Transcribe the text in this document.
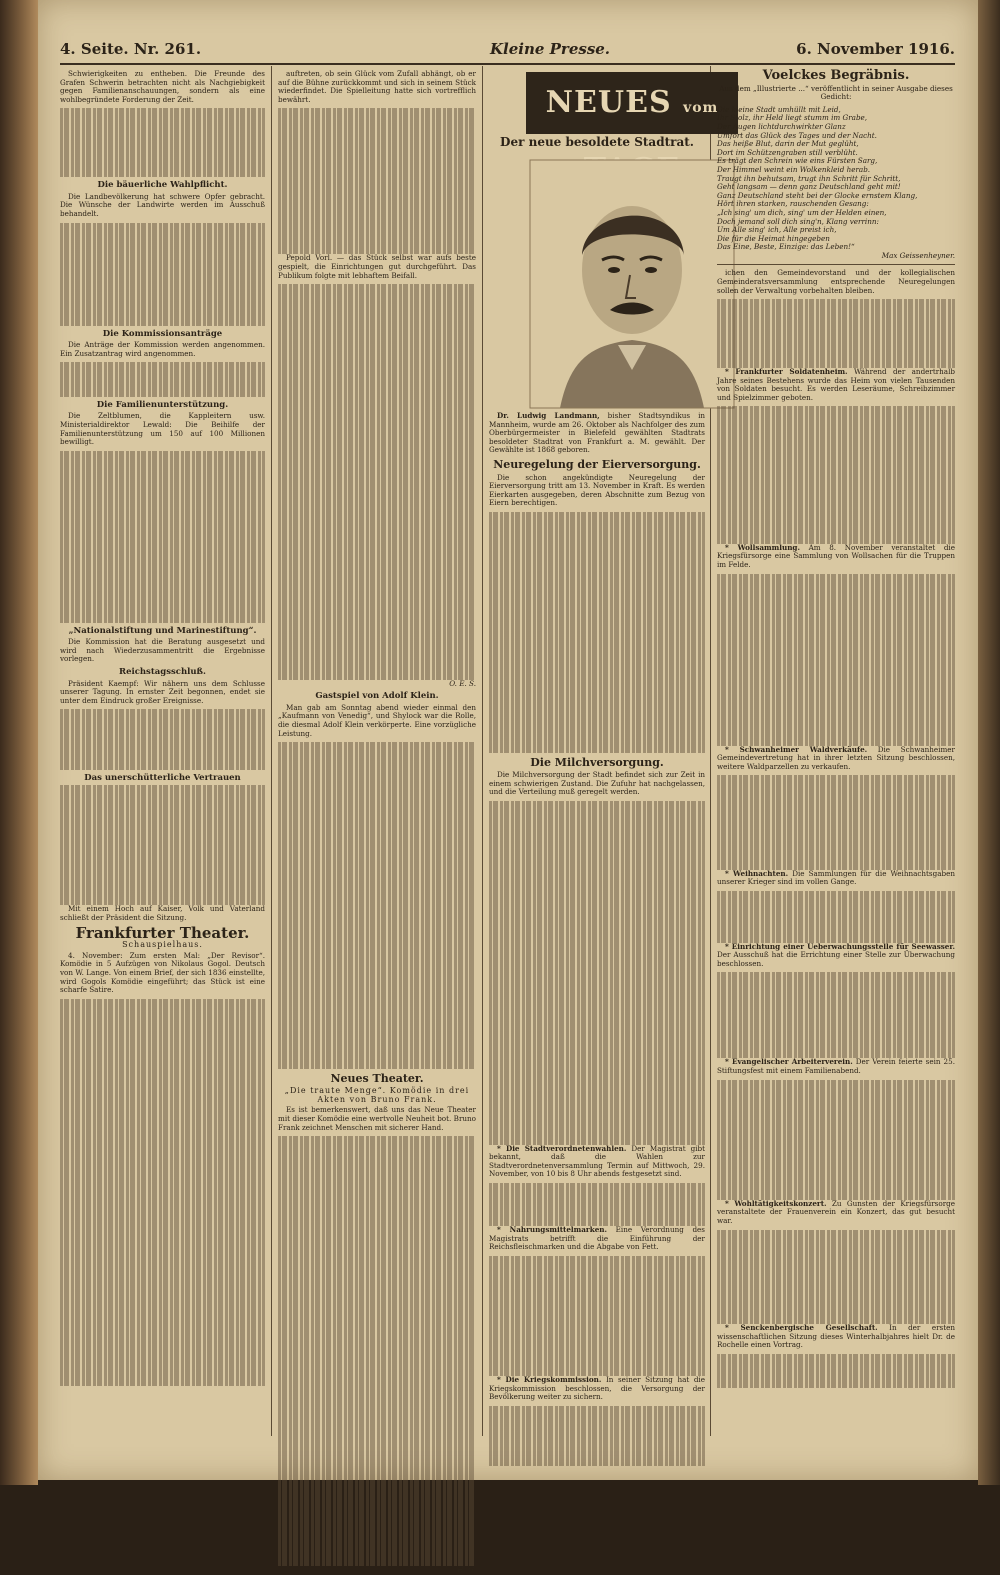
4. Seite. Nr. 261.	Kleine Presse.	6. November 1916.

Schwierigkeiten zu entheben. Die Freunde des Grafen Schwerin betrachten nicht als Nachgiebigkeit gegen Familienanschauungen, sondern als eine wohlbegründete Forderung der Zeit.

Die bäuerliche Wahlpflicht.

Die Landbevölkerung hat schwere Opfer gebracht. Die Wünsche der Landwirte werden im Ausschuß behandelt.

Die Kommissionsanträge

Die Anträge der Kommission werden angenommen. Ein Zusatzantrag wird angenommen.

Die Familienunterstützung.

Die Zeltblumen, die Kappleitern usw. Ministerialdirektor Lewald: Die Beihilfe der Familienunterstützung um 150 auf 100 Millionen bewilligt.

„Nationalstiftung und Marinestiftung“.

Die Kommission hat die Beratung ausgesetzt und wird nach Wiederzusammentritt die Ergebnisse vorlegen.

Reichstagsschluß.

Präsident Kaempf: Wir nähern uns dem Schlusse unserer Tagung. In ernster Zeit begonnen, endet sie unter dem Eindruck großer Ereignisse.

Das unerschütterliche Vertrauen

Mit einem Hoch auf Kaiser, Volk und Vaterland schließt der Präsident die Sitzung.

Frankfurter Theater.
Schauspielhaus.

4. November: Zum ersten Mal: „Der Revisor“. Komödie in 5 Aufzügen von Nikolaus Gogol. Deutsch von W. Lange. Von einem Brief, der sich 1836 einstellte, wird Gogols Komödie eingeführt; das Stück ist eine scharfe Satire.

auftreten, ob sein Glück vom Zufall abhängt, ob er auf die Bühne zurückkommt und sich in seinem Stück wiederfindet. Die Spielleitung hatte sich vortrefflich bewährt.

Pepold Vorl. — das Stück selbst war aufs beste gespielt, die Einrichtungen gut durchgeführt. Das Publikum folgte mit lebhaftem Beifall.

O. E. S.

Gastspiel von Adolf Klein.

Man gab am Sonntag abend wieder einmal den „Kaufmann von Venedig“, und Shylock war die Rolle, die diesmal Adolf Klein verkörperte. Eine vorzügliche Leistung.

Neues Theater.
„Die traute Menge“. Komödie in drei Akten von Bruno Frank.

Es ist bemerkenswert, daß uns das Neue Theater mit dieser Komödie eine wertvolle Neuheit bot. Bruno Frank zeichnet Menschen mit sicherer Hand.

H. G.

NEUES vom
Der neue besoldete Stadtrat.

Dr. Ludwig Landmann, bisher Stadtsyndikus in Mannheim, wurde am 26. Oktober als Nachfolger des zum Oberbürgermeister in Bielefeld gewählten Stadtrats besoldeter Stadtrat von Frankfurt a. M. gewählt. Der Gewählte ist 1868 geboren.

Neuregelung der Eierversorgung.

Die schon angekündigte Neuregelung der Eierversorgung tritt am 13. November in Kraft. Es werden Eierkarten ausgegeben, deren Abschnitte zum Bezug von Eiern berechtigen.

Die Milchversorgung.

Die Milchversorgung der Stadt befindet sich zur Zeit in einem schwierigen Zustand. Die Zufuhr hat nachgelassen, und die Verteilung muß geregelt werden.

* Die Stadtverordnetenwahlen. Der Magistrat gibt bekannt, daß die Wahlen zur Stadtverordnetenversammlung Termin auf Mittwoch, 29. November, von 10 bis 8 Uhr abends festgesetzt sind.

* Nahrungsmittelmarken. Eine Verordnung des Magistrats betrifft die Einführung der Reichsfleischmarken und die Abgabe von Fett.

* Die Kriegskommission. In seiner Sitzung hat die Kriegskommission beschlossen, die Versorgung der Bevölkerung weiter zu sichern.

Voelckes Begräbnis.

Aus dem „Illustrierte ...“ veröffentlicht in seiner Ausgabe dieses Gedicht:

Die kleine Stadt umhüllt mit Leid,
Ihr Stolz, ihr Held liegt stumm im Grabe,
Der Augen lichtdurchwirkter Glanz
Umfort das Glück des Tages und der Nacht.
Das heiße Blut, darin der Mut geglüht,
Dort im Schützengraben still verblüht.
Es trägt den Schrein wie eins Fürsten Sarg,
Der Himmel weint ein Wolkenkleid herab.
Traugt ihn behutsam, trugt ihn Schritt für Schritt,
Geht langsam — denn ganz Deutschland geht mit!
Ganz Deutschland steht bei der Glocke ernstem Klang,
Hört ihren starken, rauschenden Gesang:
„Ich sing' um dich, sing' um der Helden einen,
Doch jemand soll dich sing'n, Klang verrinn:
Um Alle sing' ich, Alle preist ich,
Die für die Heimat hingegeben
Das Eine, Beste, Einzige: das Leben!“

Max Geissenheyner.

ichen den Gemeindevorstand und der kollegialischen Gemeinderatsversammlung entsprechende Neuregelungen sollen der Verwaltung vorbehalten bleiben.

* Frankfurter Soldatenheim. Während der andertrhalb Jahre seines Bestehens wurde das Heim von vielen Tausenden von Soldaten besucht. Es werden Leseräume, Schreibzimmer und Spielzimmer geboten.

* Wollsammlung. Am 8. November veranstaltet die Kriegsfürsorge eine Sammlung von Wollsachen für die Truppen im Felde.

* Schwanheimer Waldverkäufe. Die Schwanheimer Gemeindevertretung hat in ihrer letzten Sitzung beschlossen, weitere Waldparzellen zu verkaufen.

* Weihnachten. Die Sammlungen für die Weihnachtsgaben unserer Krieger sind im vollen Gange.

* Einrichtung einer Ueberwachungsstelle für Seewasser. Der Ausschuß hat die Errichtung einer Stelle zur Überwachung beschlossen.

* Evangelischer Arbeiterverein. Der Verein feierte sein 25. Stiftungsfest mit einem Familienabend.

* Wohltätigkeitskonzert. Zu Gunsten der Kriegsfürsorge veranstaltete der Frauenverein ein Konzert, das gut besucht war.

* Senckenbergische Gesellschaft. In der ersten wissenschaftlichen Sitzung dieses Winterhalbjahres hielt Dr. de Rochelle einen Vortrag.
